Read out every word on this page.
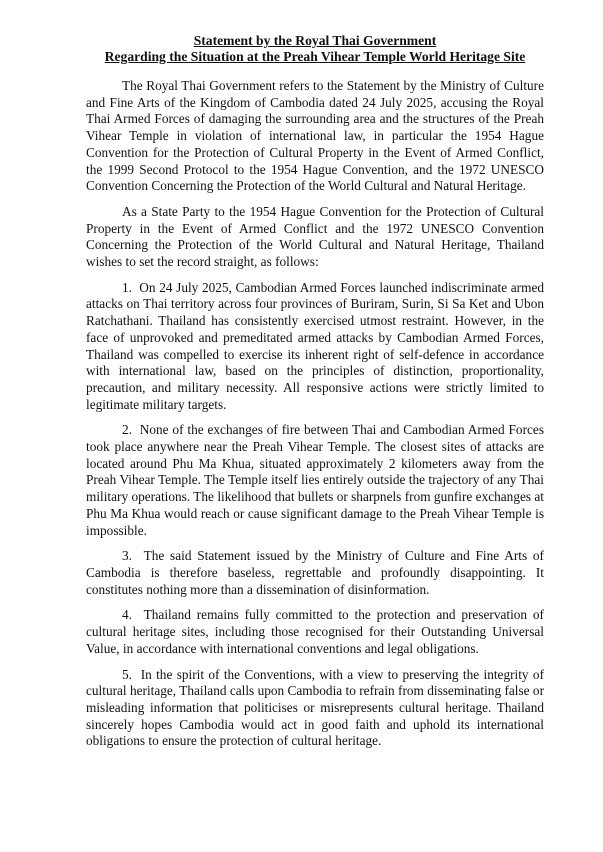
Statement by the Royal Thai Government
Regarding the Situation at the Preah Vihear Temple World Heritage Site

The Royal Thai Government refers to the Statement by the Ministry of Culture and Fine Arts of the Kingdom of Cambodia dated 24 July 2025, accusing the Royal Thai Armed Forces of damaging the surrounding area and the structures of the Preah Vihear Temple in violation of international law, in particular the 1954 Hague Convention for the Protection of Cultural Property in the Event of Armed Conflict, the 1999 Second Protocol to the 1954 Hague Convention, and the 1972 UNESCO Convention Concerning the Protection of the World Cultural and Natural Heritage.

As a State Party to the 1954 Hague Convention for the Protection of Cultural Property in the Event of Armed Conflict and the 1972 UNESCO Convention Concerning the Protection of the World Cultural and Natural Heritage, Thailand wishes to set the record straight, as follows:

1. On 24 July 2025, Cambodian Armed Forces launched indiscriminate armed attacks on Thai territory across four provinces of Buriram, Surin, Si Sa Ket and Ubon Ratchathani. Thailand has consistently exercised utmost restraint. However, in the face of unprovoked and premeditated armed attacks by Cambodian Armed Forces, Thailand was compelled to exercise its inherent right of self-defence in accordance with international law, based on the principles of distinction, proportionality, precaution, and military necessity. All responsive actions were strictly limited to legitimate military targets.

2. None of the exchanges of fire between Thai and Cambodian Armed Forces took place anywhere near the Preah Vihear Temple. The closest sites of attacks are located around Phu Ma Khua, situated approximately 2 kilometers away from the Preah Vihear Temple. The Temple itself lies entirely outside the trajectory of any Thai military operations. The likelihood that bullets or sharpnels from gunfire exchanges at Phu Ma Khua would reach or cause significant damage to the Preah Vihear Temple is impossible.

3. The said Statement issued by the Ministry of Culture and Fine Arts of Cambodia is therefore baseless, regrettable and profoundly disappointing. It constitutes nothing more than a dissemination of disinformation.

4. Thailand remains fully committed to the protection and preservation of cultural heritage sites, including those recognised for their Outstanding Universal Value, in accordance with international conventions and legal obligations.

5. In the spirit of the Conventions, with a view to preserving the integrity of cultural heritage, Thailand calls upon Cambodia to refrain from disseminating false or misleading information that politicises or misrepresents cultural heritage. Thailand sincerely hopes Cambodia would act in good faith and uphold its international obligations to ensure the protection of cultural heritage.
